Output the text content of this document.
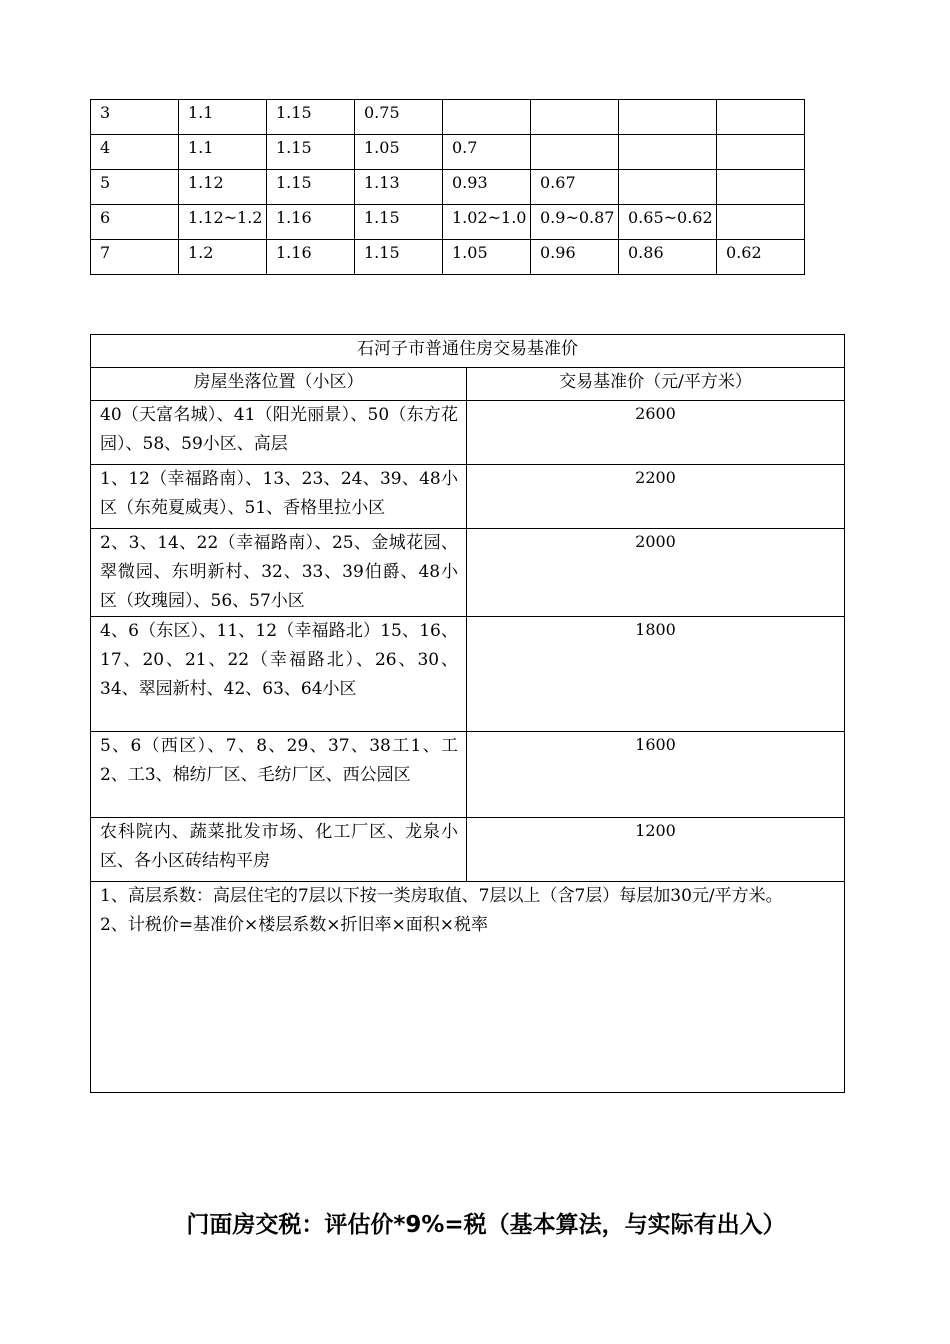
3	1.1	1.15	0.75				
4	1.1	1.15	1.05	0.7			
5	1.12	1.15	1.13	0.93	0.67		
6	1.12~1.2	1.16	1.15	1.02~1.0	0.9~0.87	0.65~0.62	
7	1.2	1.16	1.15	1.05	0.96	0.86	0.62
石河子市普通住房交易基准价	
房屋坐落位置（小区）	交易基准价（元/平方米）
40（天富名城）、41（阳光丽景）、50（东方花园）、58、59小区、高层	2600
1、12（幸福路南）、13、23、24、39、48小区（东苑夏威夷）、51、香格里拉小区	2200
2、3、14、22（幸福路南）、25、金城花园、翠微园、东明新村、32、33、39伯爵、48小区（玫瑰园）、56、57小区	2000
4、6（东区）、11、12（幸福路北）15、16、17、20、21、22（幸福路北）、26、30、34、翠园新村、42、63、64小区	1800
5、6（西区）、7、8、29、37、38工1、工2、工3、棉纺厂区、毛纺厂区、西公园区	1600
农科院内、蔬菜批发市场、化工厂区、龙泉小区、各小区砖结构平房	1200

1、高层系数：高层住宅的7层以下按一类房取值、7层以上（含7层）每层加30元/平方米。
2、计税价=基准价×楼层系数×折旧率×面积×税率	
门面房交税：评估价*9%=税（基本算法，与实际有出入）
